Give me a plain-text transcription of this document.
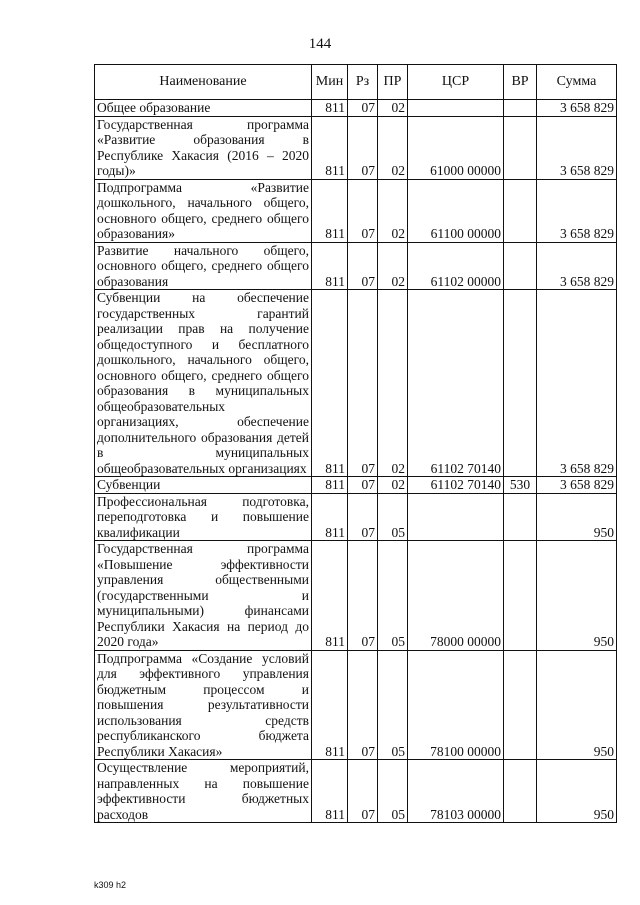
144
Наименование	Мин	Рз	ПР	ЦСР	ВР	Сумма
Общее образование	811	07	02			3 658 829
Государственная программа «Развитие образования в Республике Хакасия (2016 – 2020 годы)»	811	07	02	61000 00000		3 658 829
Подпрограмма «Развитие дошкольного, начального общего, основного общего, среднего общего образования»	811	07	02	61100 00000		3 658 829
Развитие начального общего, основного общего, среднего общего образования	811	07	02	61102 00000		3 658 829
Субвенции на обеспечение государственных гарантий реализации прав на получение общедоступного и бесплатного дошкольного, начального общего, основного общего, среднего общего образования в муниципальных общеобразовательных организациях, обеспечение дополнительного образования детей в муниципальных общеобразовательных организациях	811	07	02	61102 70140		3 658 829
Субвенции	811	07	02	61102 70140	530	3 658 829
Профессиональная подготовка, переподготовка и повышение квалификации	811	07	05			950
Государственная программа «Повышение эффективности управления общественными (государственными и муниципальными) финансами Республики Хакасия на период до 2020 года»	811	07	05	78000 00000		950
Подпрограмма «Создание условий для эффективного управления бюджетным процессом и повышения результативности использования средств республиканского бюджета Республики Хакасия»	811	07	05	78100 00000		950
Осуществление мероприятий, направленных на повышение эффективности бюджетных расходов	811	07	05	78103 00000		950
k309 h2
